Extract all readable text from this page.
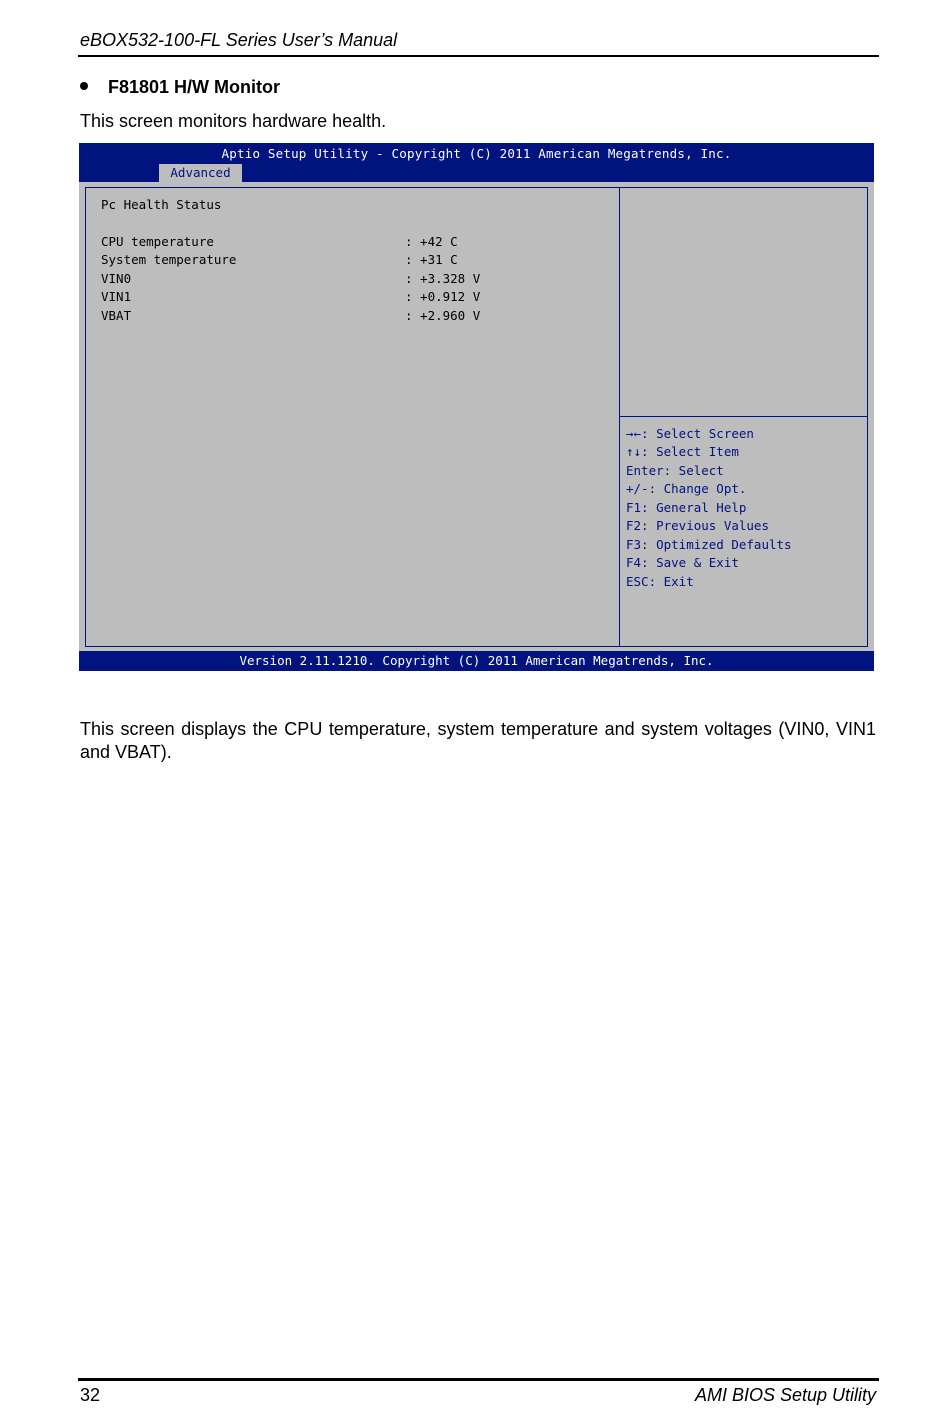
eBOX532-100-FL Series User’s Manual
F81801 H/W Monitor
This screen monitors hardware health.
Aptio Setup Utility - Copyright (C) 2011 American Megatrends, Inc.
Advanced
Pc Health Status
CPU temperature	: +42 C
System temperature	: +31 C
VIN0	: +3.328 V
VIN1	: +0.912 V
VBAT	: +2.960 V
→←: Select Screen
↑↓: Select Item
Enter: Select
+/-: Change Opt.
F1: General Help
F2: Previous Values
F3: Optimized Defaults
F4: Save & Exit
ESC: Exit
Version 2.11.1210. Copyright (C) 2011 American Megatrends, Inc.
This screen displays the CPU temperature, system temperature and system voltages (VIN0, VIN1 and VBAT).
32	AMI BIOS Setup Utility
